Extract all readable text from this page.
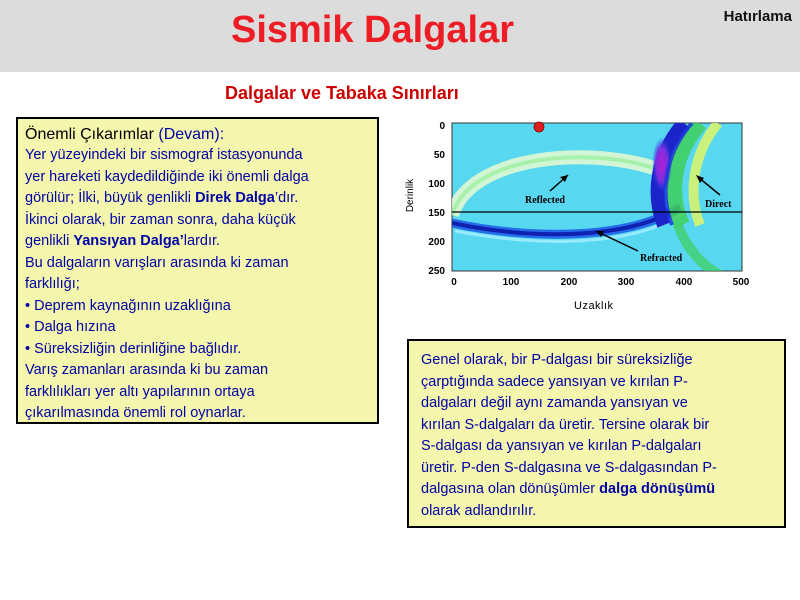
Sismik Dalgalar	Hatırlama
Dalgalar ve Tabaka Sınırları
Önemli Çıkarımlar (Devam):
Yer yüzeyindeki bir sismograf istasyonunda
yer hareketi kaydedildiğinde iki önemli dalga
görülür; İlki, büyük genlikli Direk Dalga’dır.
İkinci olarak, bir zaman sonra, daha küçük
genlikli Yansıyan Dalga’lardır.
Bu dalgaların varışları arasında ki zaman
farklılığı;
• Deprem kaynağının uzaklığına
• Dalga hızına
• Süreksizliğin derinliğine bağlıdır.
Varış zamanları arasında ki bu zaman
farklılıkları yer altı yapılarının ortaya
çıkarılmasında önemli rol oynarlar.
Genel olarak, bir P-dalgası bir süreksizliğe
çarptığında sadece yansıyan ve kırılan P-
dalgaları değil aynı zamanda yansıyan ve
kırılan S-dalgaları da üretir. Tersine olarak bir
S-dalgası da yansıyan ve kırılan P-dalgaları
üretir. P-den S-dalgasına ve S-dalgasından P-
dalgasına olan dönüşümler dalga dönüşümü
olarak adlandırılır.
Reflected	Direct
Refracted
0
50
100
150
200
250
0	100	200	300	400	500
Derinlik
Uzaklık
